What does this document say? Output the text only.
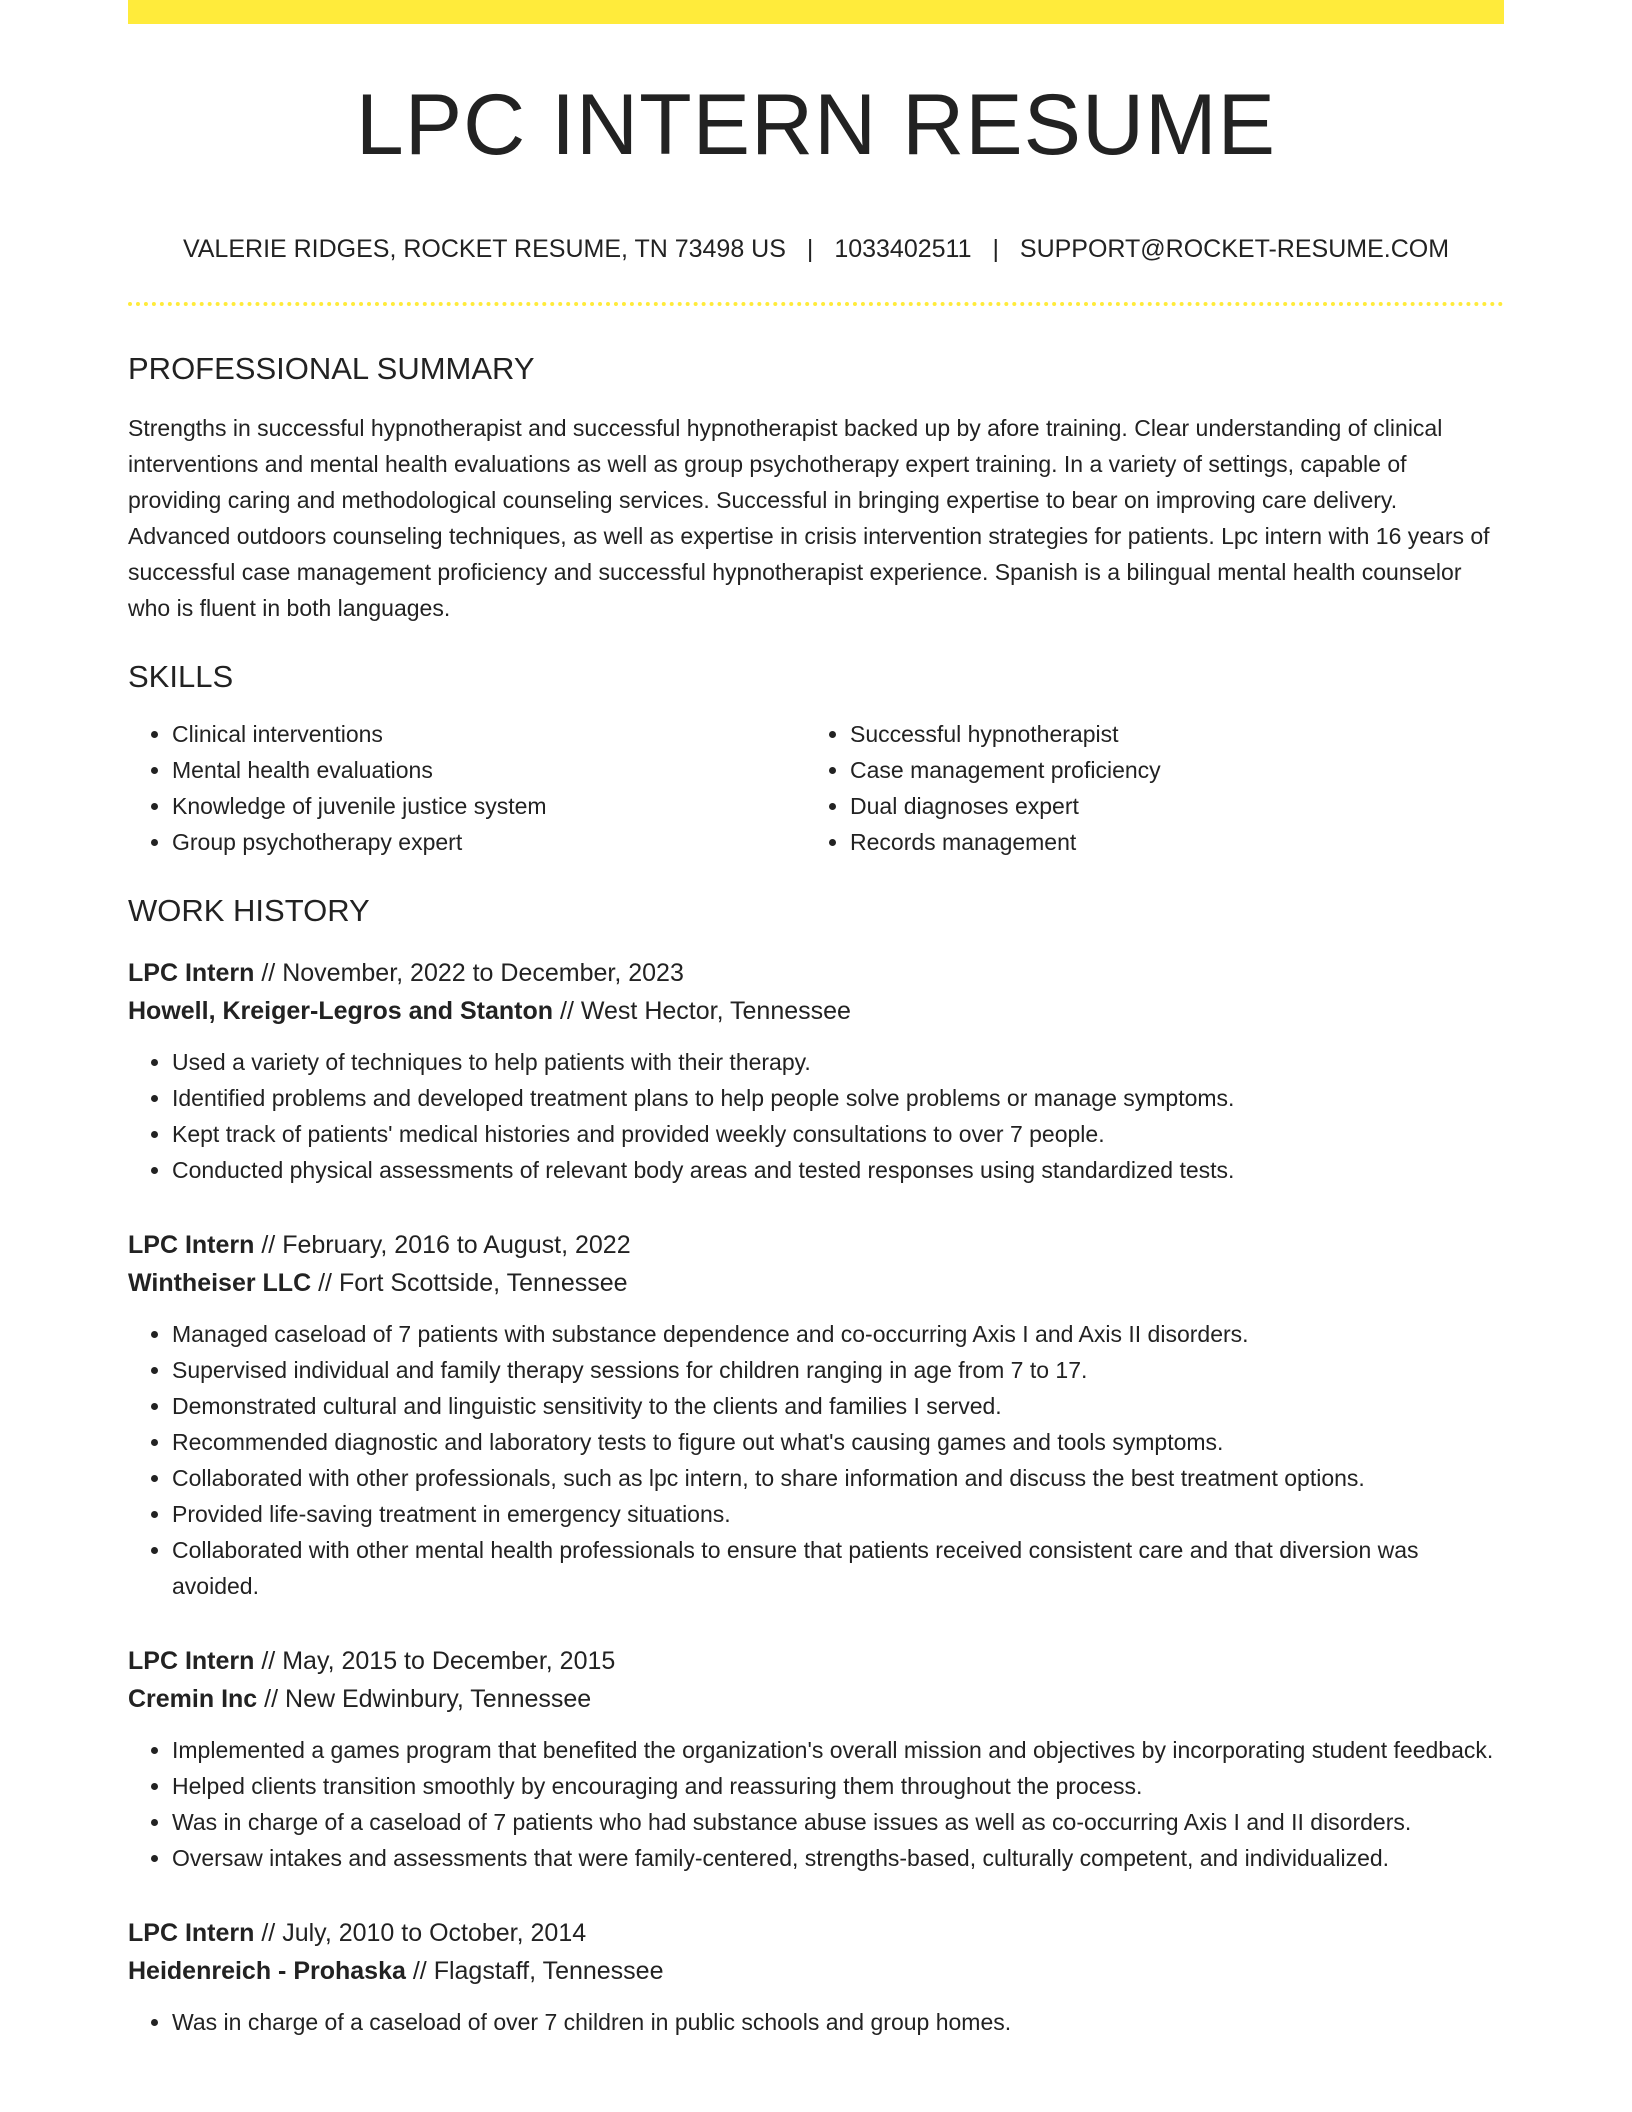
LPC INTERN RESUME
VALERIE RIDGES, ROCKET RESUME, TN 73498 US | 1033402511 | SUPPORT@ROCKET-RESUME.COM
PROFESSIONAL SUMMARY

Strengths in successful hypnotherapist and successful hypnotherapist backed up by afore training. Clear understanding of clinical interventions and mental health evaluations as well as group psychotherapy expert training. In a variety of settings, capable of providing caring and methodological counseling services. Successful in bringing expertise to bear on improving care delivery. Advanced outdoors counseling techniques, as well as expertise in crisis intervention strategies for patients. Lpc intern with 16 years of successful case management proficiency and successful hypnotherapist experience. Spanish is a bilingual mental health counselor who is fluent in both languages.

SKILLS
• Clinical interventions
• Mental health evaluations
• Knowledge of juvenile justice system
• Group psychotherapy expert
• Successful hypnotherapist
• Case management proficiency
• Dual diagnoses expert
• Records management
WORK HISTORY
LPC Intern // November, 2022 to December, 2023
Howell, Kreiger-Legros and Stanton // West Hector, Tennessee
• Used a variety of techniques to help patients with their therapy.
• Identified problems and developed treatment plans to help people solve problems or manage symptoms.
• Kept track of patients' medical histories and provided weekly consultations to over 7 people.
• Conducted physical assessments of relevant body areas and tested responses using standardized tests.
LPC Intern // February, 2016 to August, 2022
Wintheiser LLC // Fort Scottside, Tennessee
• Managed caseload of 7 patients with substance dependence and co-occurring Axis I and Axis II disorders.
• Supervised individual and family therapy sessions for children ranging in age from 7 to 17.
• Demonstrated cultural and linguistic sensitivity to the clients and families I served.
• Recommended diagnostic and laboratory tests to figure out what's causing games and tools symptoms.
• Collaborated with other professionals, such as lpc intern, to share information and discuss the best treatment options.
• Provided life-saving treatment in emergency situations.
• Collaborated with other mental health professionals to ensure that patients received consistent care and that diversion was avoided.
LPC Intern // May, 2015 to December, 2015
Cremin Inc // New Edwinbury, Tennessee
• Implemented a games program that benefited the organization's overall mission and objectives by incorporating student feedback.
• Helped clients transition smoothly by encouraging and reassuring them throughout the process.
• Was in charge of a caseload of 7 patients who had substance abuse issues as well as co-occurring Axis I and II disorders.
• Oversaw intakes and assessments that were family-centered, strengths-based, culturally competent, and individualized.
LPC Intern // July, 2010 to October, 2014
Heidenreich - Prohaska // Flagstaff, Tennessee
• Was in charge of a caseload of over 7 children in public schools and group homes.
